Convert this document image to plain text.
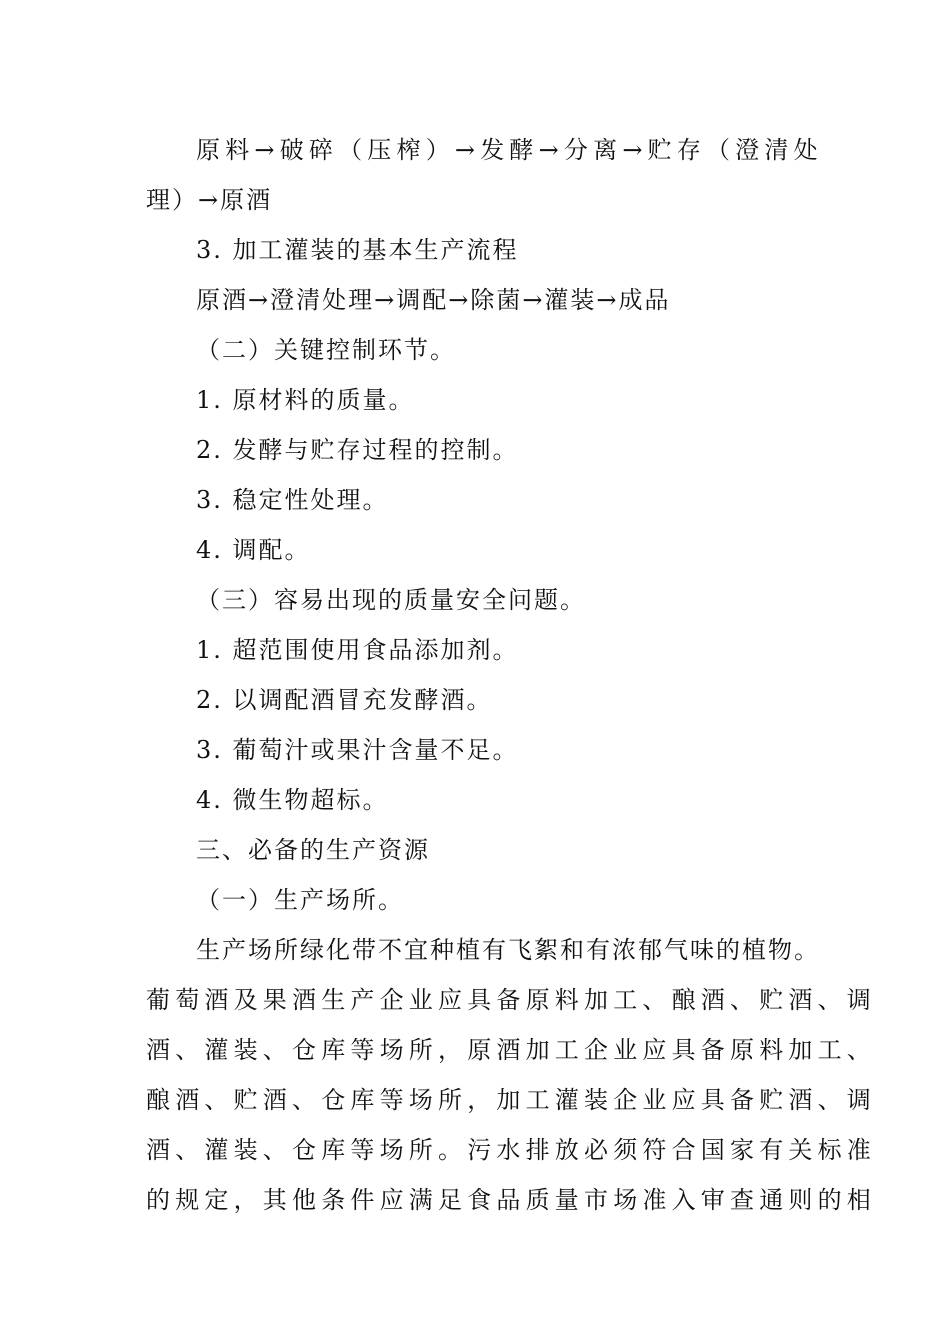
原料→破碎（压榨）→发酵→分离→贮存（澄清处
理）→原酒
3. 加工灌装的基本生产流程
原酒→澄清处理→调配→除菌→灌装→成品
（二）关键控制环节。
1. 原材料的质量。
2. 发酵与贮存过程的控制。
3. 稳定性处理。
4. 调配。
（三）容易出现的质量安全问题。
1. 超范围使用食品添加剂。
2. 以调配酒冒充发酵酒。
3. 葡萄汁或果汁含量不足。
4. 微生物超标。
三、必备的生产资源
（一）生产场所。
生产场所绿化带不宜种植有飞絮和有浓郁气味的植物。
葡萄酒及果酒生产企业应具备原料加工、酿酒、贮酒、调
酒、灌装、仓库等场所，原酒加工企业应具备原料加工、
酿酒、贮酒、仓库等场所，加工灌装企业应具备贮酒、调
酒、灌装、仓库等场所。污水排放必须符合国家有关标准
的规定，其他条件应满足食品质量市场准入审查通则的相
